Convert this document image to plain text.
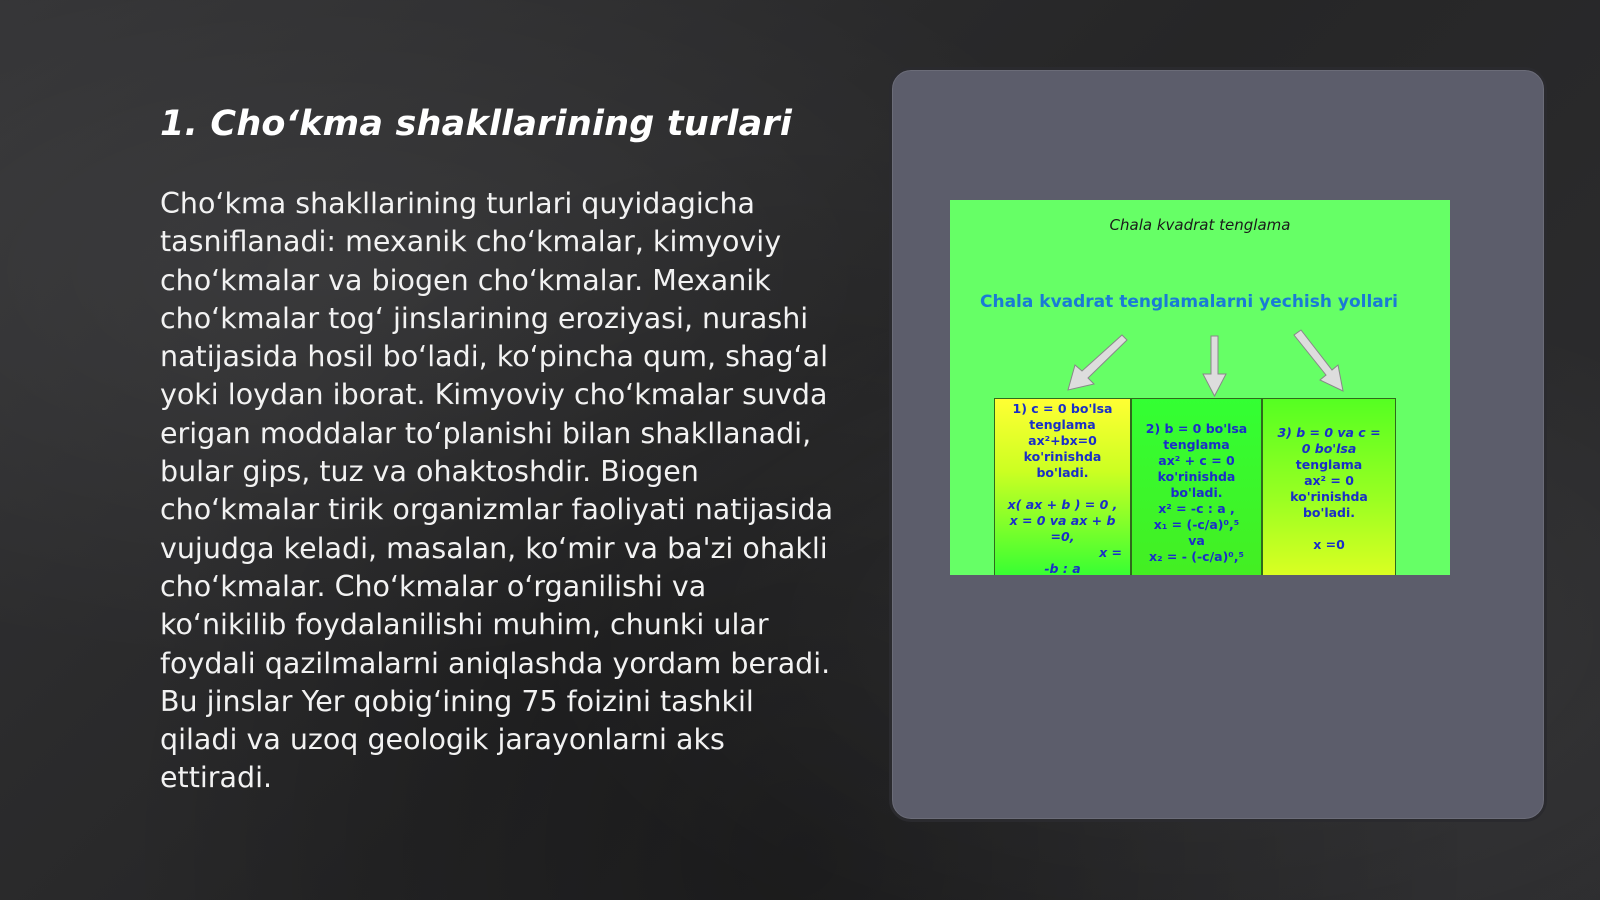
1. Cho‘kma shakllarining turlari

Cho‘kma shakllarining turlari quyidagicha tasniflanadi: mexanik cho‘kmalar, kimyoviy cho‘kmalar va biogen cho‘kmalar. Mexanik cho‘kmalar tog‘ jinslarining eroziyasi, nurashi natijasida hosil bo‘ladi, ko‘pincha qum, shag‘al yoki loydan iborat. Kimyoviy cho‘kmalar suvda erigan moddalar to‘planishi bilan shakllanadi, bular gips, tuz va ohaktoshdir. Biogen cho‘kmalar tirik organizmlar faoliyati natijasida vujudga keladi, masalan, ko‘mir va ba'zi ohakli cho‘kmalar. Cho‘kmalar o‘rganilishi va ko‘nikilib foydalanilishi muhim, chunki ular foydali qazilmalarni aniqlashda yordam beradi. Bu jinslar Yer qobig‘ining 75 foizini tashkil qiladi va uzoq geologik jarayonlarni aks ettiradi.

Chala kvadrat tenglama
Chala kvadrat tenglamalarni yechish yollari
1) c = 0 bo'lsa
tenglama
ax²+bx=0
ko'rinishda
bo'ladi.

x( ax + b ) = 0 ,
x = 0 va ax + b
=0,
x =
-b : a
2) b = 0 bo'lsa
tenglama
ax² + c = 0
ko'rinishda
bo'ladi.
x² = -c : a ,
x₁ = (-c/a)⁰,⁵
va
x₂ = - (-c/a)⁰,⁵
3) b = 0 va c =
0 bo'lsa
tenglama
ax² = 0
ko'rinishda
bo'ladi.

x =0
